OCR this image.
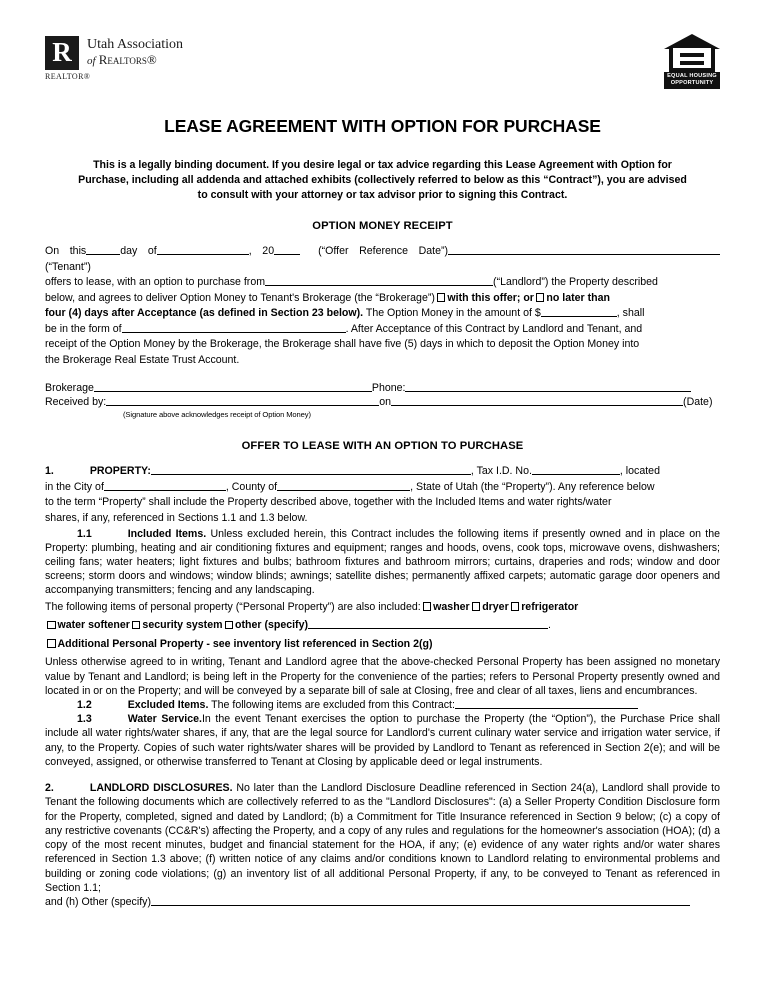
R
REALTOR®
Utah Association
of Realtors®
EQUAL HOUSING
OPPORTUNITY
LEASE AGREEMENT WITH OPTION FOR PURCHASE
This is a legally binding document. If you desire legal or tax advice regarding this Lease Agreement with Option for Purchase, including all addenda and attached exhibits (collectively referred to below as this “Contract”), you are advised to consult with your attorney or tax advisor prior to signing this Contract.
OPTION MONEY RECEIPT
On this	day of	, 20	(“Offer Reference Date”)(“Tenant”)
offers to lease, with an option to purchase from	(“Landlord”) the Property described
below, and agrees to deliver Option Money to Tenant's Brokerage (the “Brokerage”) with this offer; or no later than
four (4) days after Acceptance (as defined in Section 23 below). The Option Money in the amount of $	, shall
be in the form of	. After Acceptance of this Contract by Landlord and Tenant, and
receipt of the Option Money by the Brokerage, the Brokerage shall have five (5) days in which to deposit the Option Money into
the Brokerage Real Estate Trust Account.
Brokerage	Phone:
Received by:	on	(Date)
(Signature above acknowledges receipt of Option Money)
OFFER TO LEASE WITH AN OPTION TO PURCHASE
1.	PROPERTY:	, Tax I.D. No.	, located
in the City of	, County of	, State of Utah (the “Property”). Any reference below
to the term “Property” shall include the Property described above, together with the Included Items and water rights/water
shares, if any, referenced in Sections 1.1 and 1.3 below.
1.1	Included Items. Unless excluded herein, this Contract includes the following items if presently owned and in place on the Property: plumbing, heating and air conditioning fixtures and equipment; ranges and hoods, ovens, cook tops, microwave ovens, dishwashers; ceiling fans; water heaters; light fixtures and bulbs; bathroom fixtures and bathroom mirrors; curtains, draperies and rods; window and door screens; storm doors and windows; window blinds; awnings; satellite dishes; permanently affixed carpets; automatic garage door openers and accompanying transmitters; fencing and any landscaping.
The following items of personal property (“Personal Property”) are also included: washer dryer refrigerator
water softener security system other (specify)	.
Additional Personal Property - see inventory list referenced in Section 2(g)
Unless otherwise agreed to in writing, Tenant and Landlord agree that the above-checked Personal Property has been assigned no monetary value by Tenant and Landlord; is being left in the Property for the convenience of the parties; refers to Personal Property presently owned and located in or on the Property; and will be conveyed by a separate bill of sale at Closing, free and clear of all taxes, liens and encumbrances.
1.2	Excluded Items. The following items are excluded from this Contract:
1.3	Water Service.In the event Tenant exercises the option to purchase the Property (the “Option”), the Purchase Price shall include all water rights/water shares, if any, that are the legal source for Landlord's current culinary water service and irrigation water service, if any, to the Property. Copies of such water rights/water shares will be provided by Landlord to Tenant as referenced in Section 2(e); and will be conveyed, assigned, or otherwise transferred to Tenant at Closing by applicable deed or legal instruments.
2.	LANDLORD DISCLOSURES. No later than the Landlord Disclosure Deadline referenced in Section 24(a), Landlord shall provide to Tenant the following documents which are collectively referred to as the "Landlord Disclosures": (a) a Seller Property Condition Disclosure form for the Property, completed, signed and dated by Landlord; (b) a Commitment for Title Insurance referenced in Section 9 below; (c) a copy of any restrictive covenants (CC&R's) affecting the Property, and a copy of any rules and regulations for the homeowner's association (HOA); (d) a copy of the most recent minutes, budget and financial statement for the HOA, if any; (e) evidence of any water rights and/or water shares referenced in Section 1.3 above; (f) written notice of any claims and/or conditions known to Landlord relating to environmental problems and building or zoning code violations; (g) an inventory list of all additional Personal Property, if any, to be conveyed to Tenant as referenced in Section 1.1;
and (h) Other (specify)
